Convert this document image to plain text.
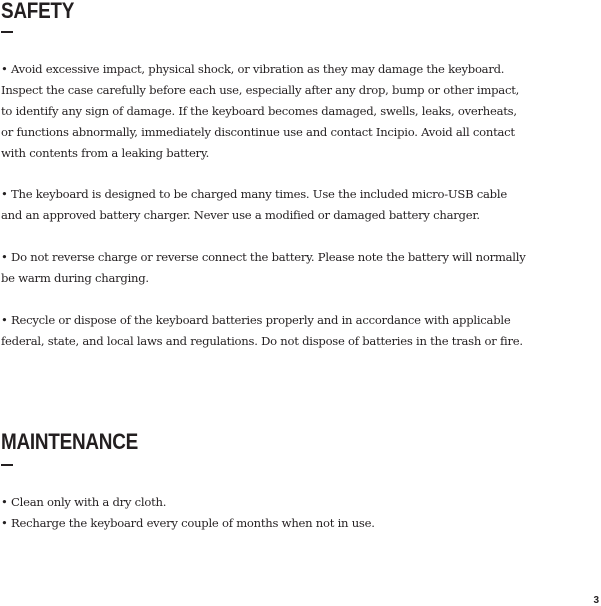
SAFETY
• Avoid excessive impact, physical shock, or vibration as they may damage the keyboard.
Inspect the case carefully before each use, especially after any drop, bump or other impact,
to identify any sign of damage. If the keyboard becomes damaged, swells, leaks, overheats,
or functions abnormally, immediately discontinue use and contact Incipio. Avoid all contact
with contents from a leaking battery.
• The keyboard is designed to be charged many times. Use the included micro-USB cable
and an approved battery charger. Never use a modified or damaged battery charger.
• Do not reverse charge or reverse connect the battery. Please note the battery will normally
be warm during charging.
• Recycle or dispose of the keyboard batteries properly and in accordance with applicable
federal, state, and local laws and regulations. Do not dispose of batteries in the trash or fire.
MAINTENANCE
• Clean only with a dry cloth.
• Recharge the keyboard every couple of months when not in use.
3
